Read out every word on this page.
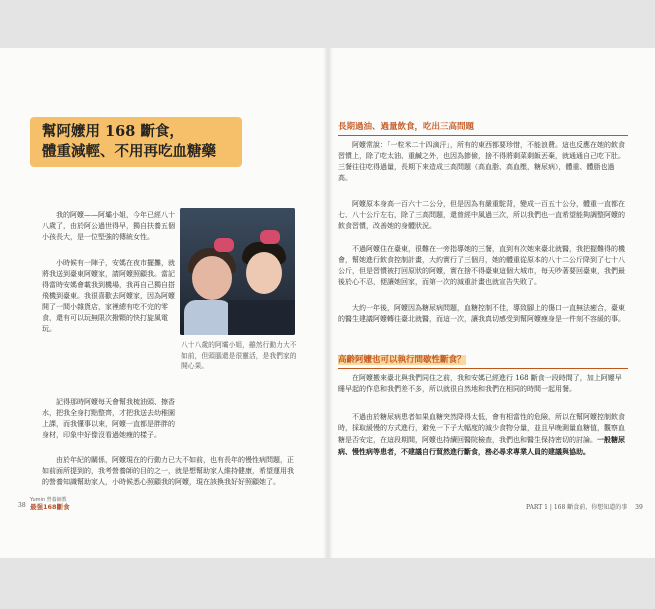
幫阿嬤用 168 斷食，
體重減輕、不用再吃血糖藥
我的阿嬤——阿壩小姐，今年已經八十八歲了，由於阿公過世得早，獨自扶養五個小孩長大，是一位堅強的傳統女性。
小時候有一陣子，安媽在夜市擺攤，就將我送到臺東阿嬤家，請阿嬤照顧我。當記得當時安媽會載我到機場，我再自己獨自搭飛機到臺東。我很喜歡去阿嬤家，因為阿嬤開了一間小雜貨店，家裡總有吃不完的零食，還有可以玩無限次撥顆的快打旋風電玩。
記得那時阿嬤每天會幫我梳油頭、擦香水，把我全身打點整齊，才把我送去幼稚園上課，而我懂事以來，阿嬤一直都是胖胖的身材，印象中好像沒看過她瘦的樣子。
由於年紀的關係，阿嬤現在的行動力已大不如前，也有長年的慢性病問題，正如前面所提到的，我考營養師的目的之一，就是想幫助家人維持健康，希望運用我的營養知識幫助家人，小時候悉心照顧我的阿嬤，現在該換我好好照顧她了。
八十八歲的阿壩小姐，雖然行動力大不如前，但頭腦還是很靈活，是我們家的開心果。
38
Yumin 營養師教
最强168斷食
長期過油、過量飲食，吃出三高問題
阿嬤常說：「一粒米二十四滴汗」，所有的東西都要珍惜，不能浪費。這也反應在她的飲食習慣上，除了吃太油、重鹹之外，也因為節儉，捨不得將剩菜剩飯丟棄，就通通自己吃下肚。三餐往往吃得過量，長期下來造成三高問題（高血脂、高血壓，糖尿病），體重、體脂也過高。
阿嬤原本身高一百六十二公分，但是因為有嚴重駝背，變成一百五十公分，體重一直都在七、八十公斤左右，除了三高問題，還曾經中風過三次，所以我們也一直希望能夠調整阿嬤的飲食習慣，改善她的身體狀況。
不過阿嬤住在臺東，很難在一旁指導她的三餐，直到有次她來臺北就醫，我把握難得的機會，幫她進行飲食控制計畫，大約實行了三個月，她的體重從原本的八十二公斤降到了七十八公斤，但是習慣被打回原狀的阿嬤，實在捨不得臺東這個大城市，每天吵著要回臺東，我們最後於心不忍，便讓她回家，而第一次的減重計畫也就宣告失敗了。
大約一年後，阿嬤因為糖尿病問題，血糖控制不佳，導致腳上的傷口一直無法癒合，臺東的醫生建議阿嬤轉往臺北就醫，而這一次，讓我真切感受到幫阿嬤瘦身是一件刻不容緩的事。
高齡阿嬤也可以執行間歇性斷食？
在阿嬤搬來臺北與我們同住之前，我和安媽已經進行 168 斷食一段時間了，加上阿嬤早睡早起的作息和我們差不多，所以就很自然地和我們在相同的時間一起用餐。
不過由於糖尿病患者如果血糖突然降得太低，會有相當性的危險，所以在幫阿嬤控制飲食時，採取緩慢的方式進行，避免一下子大幅度的減少食物分量，並且早晚測量血糖值，觀察血糖是否安定，在這段期間，阿嬤也持續回醫院檢查，我們也和醫生保持密切的討論。一般糖尿病、慢性病等患者，不建議自行貿然進行斷食，務必尋求專業人員的建議與協助。
PART 1 | 168 斷食前，你想知道的事 39
